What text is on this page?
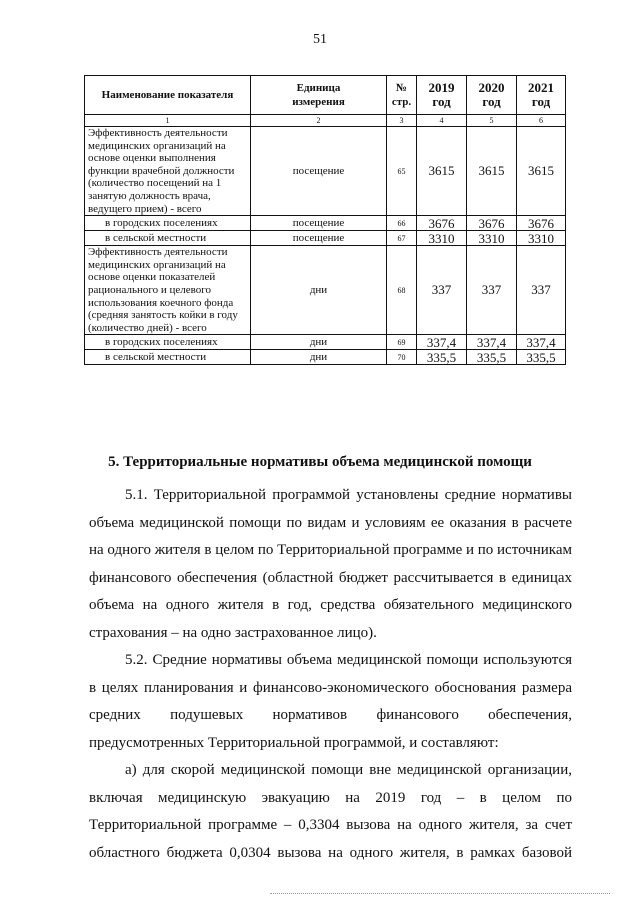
51
Наименование показателя	Единица измерения	№ стр.	2019 год	2020 год	2021 год
1	2	3	4	5	6
Эффективность деятельности медицинских организаций на основе оценки выполнения функции врачебной должности (количество посещений на 1 занятую должность врача, ведущего прием) - всего	посещение	65	3615	3615	3615
в городских поселениях	посещение	66	3676	3676	3676
в сельской местности	посещение	67	3310	3310	3310
Эффективность деятельности медицинских организаций на основе оценки показателей рационального и целевого использования коечного фонда (средняя занятость койки в году (количество дней) - всего	дни	68	337	337	337
в городских поселениях	дни	69	337,4	337,4	337,4
в сельской местности	дни	70	335,5	335,5	335,5
5. Территориальные нормативы объема медицинской помощи

5.1. Территориальной программой установлены средние нормативы объема медицинской помощи по видам и условиям ее оказания в расчете на одного жителя в целом по Территориальной программе и по источникам финансового обеспечения (областной бюджет рассчитывается в единицах объема на одного жителя в год, средства обязательного медицинского страхования – на одно застрахованное лицо).

5.2. Средние нормативы объема медицинской помощи используются в целях планирования и финансово-экономического обоснования размера средних подушевых нормативов финансового обеспечения, предусмотренных Территориальной программой, и составляют:

а) для скорой медицинской помощи вне медицинской организации, включая медицинскую эвакуацию на 2019 год – в целом по Территориальной программе – 0,3304 вызова на одного жителя, за счет областного бюджета 0,0304 вызова на одного жителя, в рамках базовой
